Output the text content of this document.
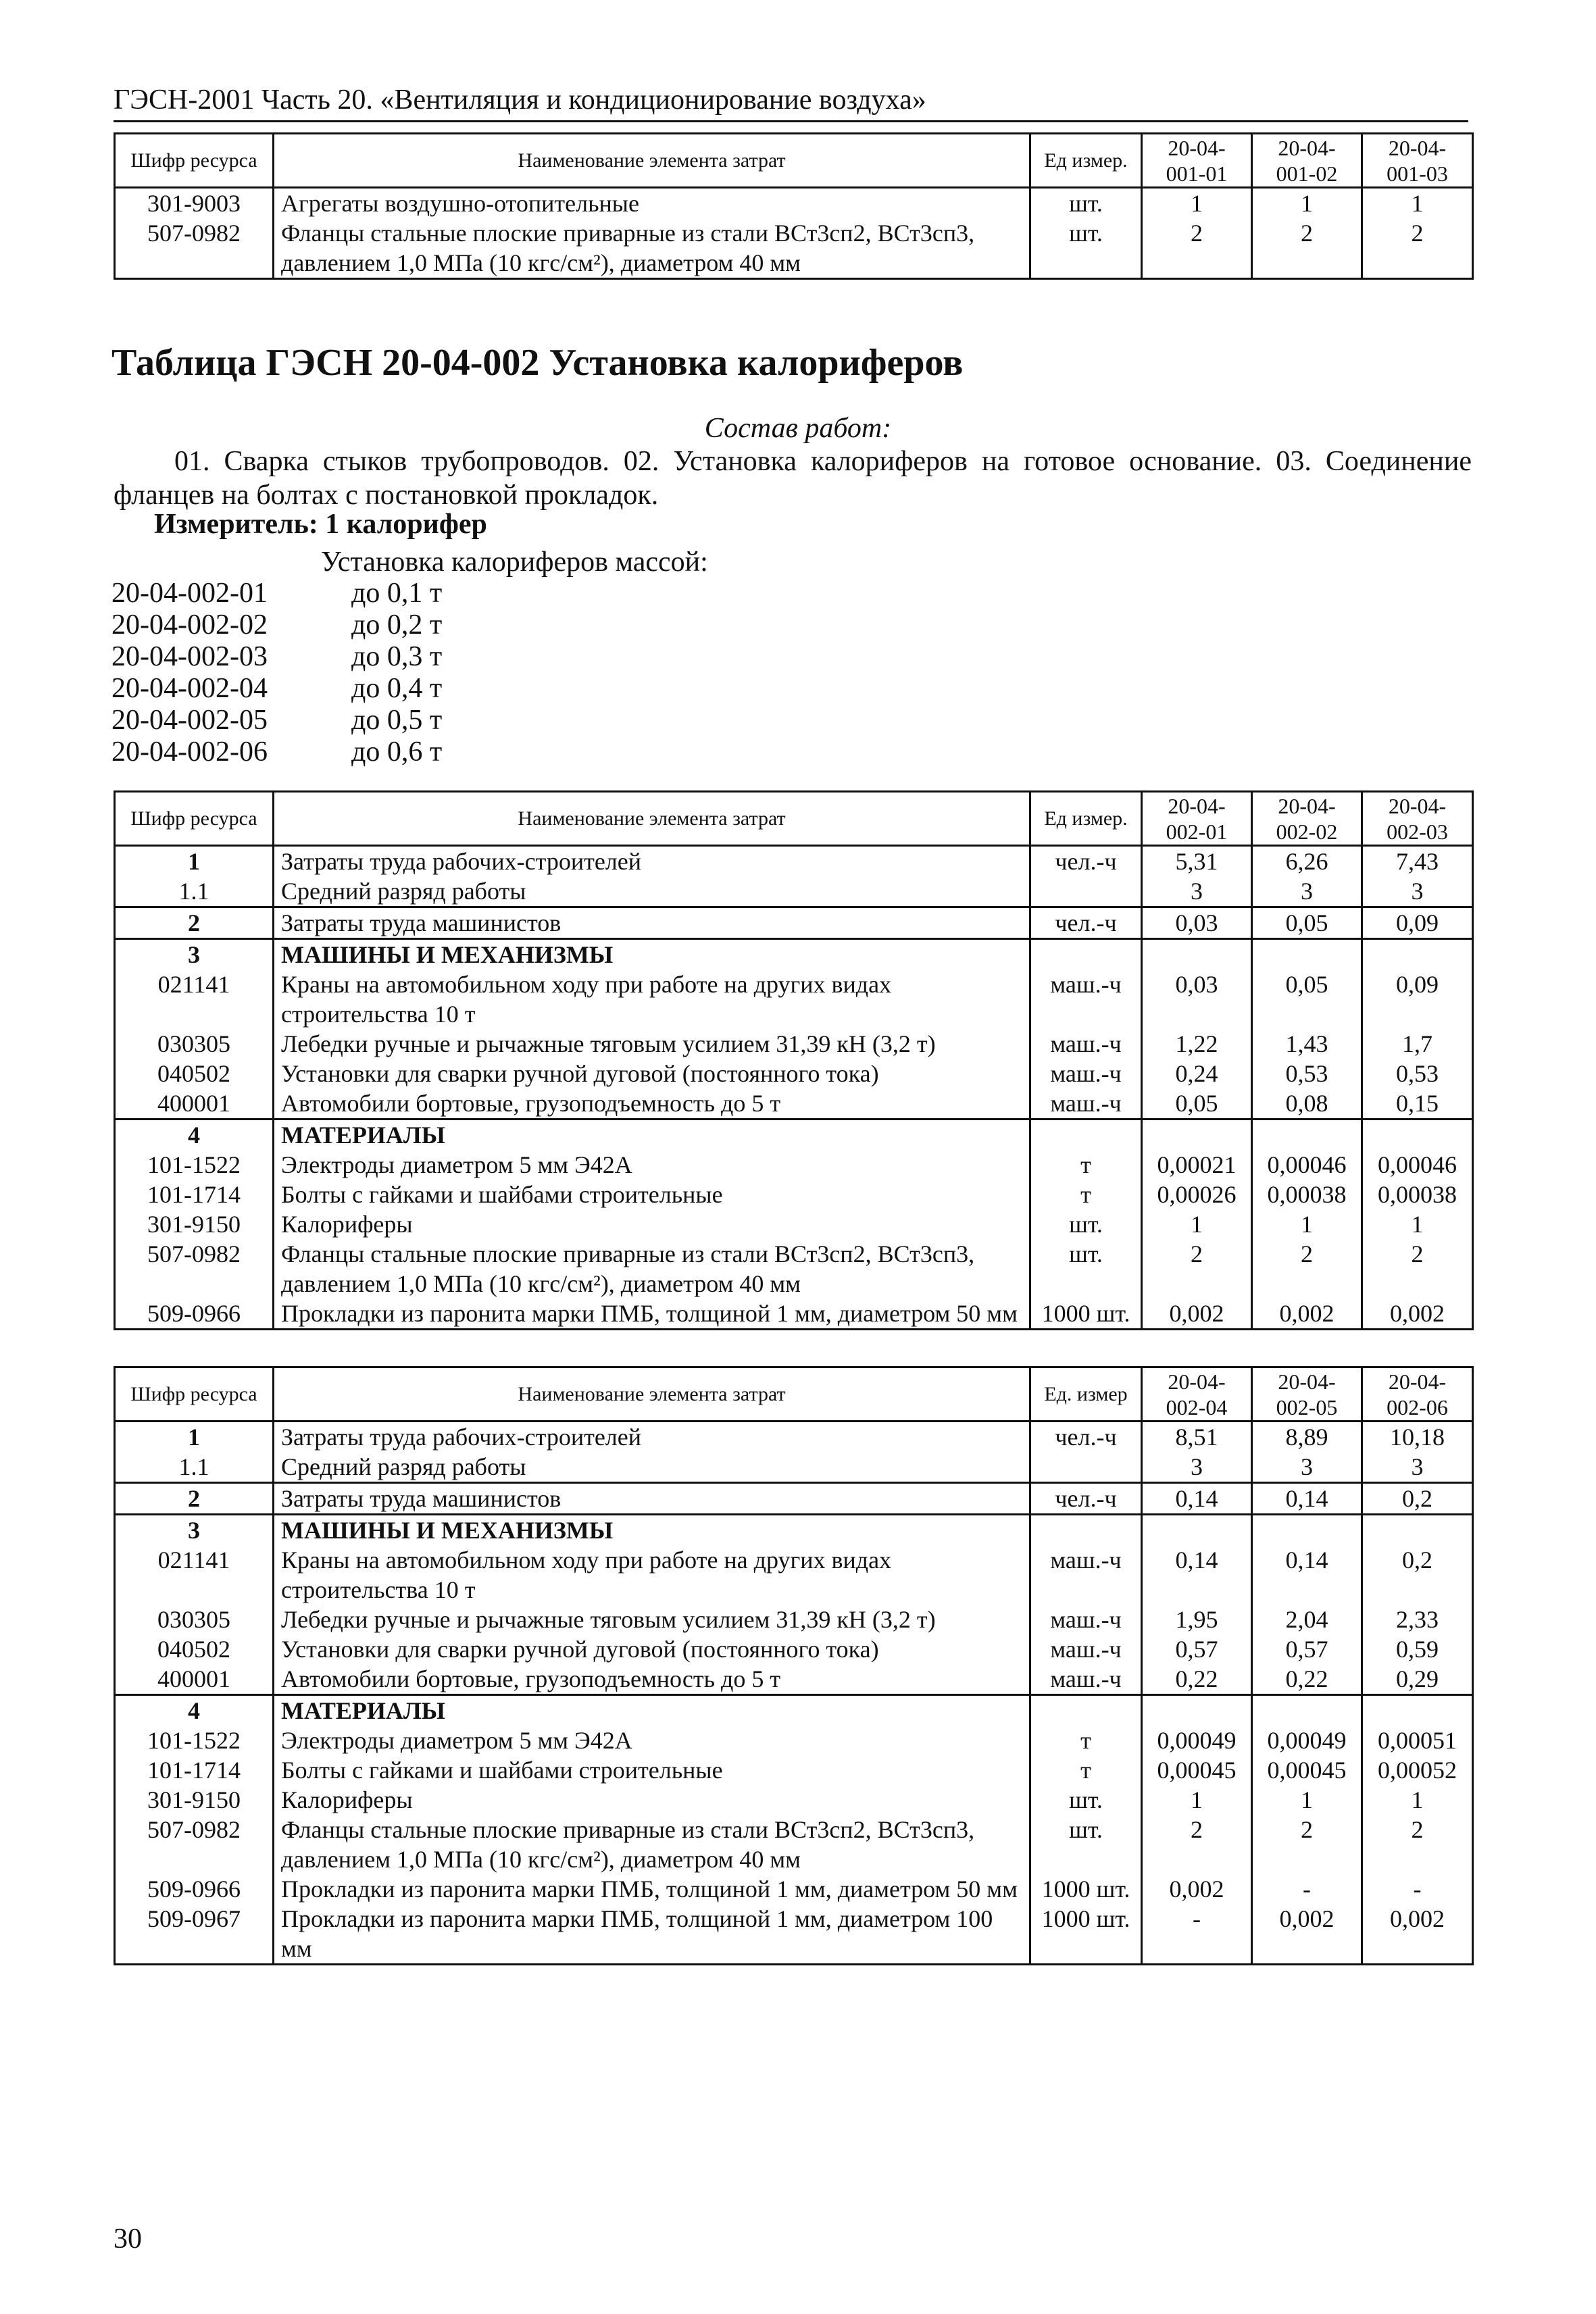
ГЭСН-2001 Часть 20. «Вентиляция и кондиционирование воздуха»
Шифр ресурса	Наименование элемента затрат	Ед измер.	20-04-001-01	20-04-001-02	20-04-001-03
301-9003	Агрегаты воздушно-отопительные	шт.	1	1	1
507-0982	Фланцы стальные плоские приварные из стали ВСт3сп2, ВСт3сп3, давлением 1,0 МПа (10 кгс/см²), диаметром 40 мм	шт.	2	2	2
Таблица ГЭСН 20-04-002 Установка калориферов
Состав работ:
01. Сварка стыков трубопроводов. 02. Установка калориферов на готовое основание. 03. Соединение фланцев на болтах с постановкой прокладок.
Измеритель: 1 калорифер
Установка калориферов массой:
20-04-002-01	до 0,1 т
20-04-002-02	до 0,2 т
20-04-002-03	до 0,3 т
20-04-002-04	до 0,4 т
20-04-002-05	до 0,5 т
20-04-002-06	до 0,6 т
Шифр ресурса	Наименование элемента затрат	Ед измер.	20-04-002-01	20-04-002-02	20-04-002-03
1	Затраты труда рабочих-строителей	чел.-ч	5,31	6,26	7,43
1.1	Средний разряд работы		3	3	3
2	Затраты труда машинистов	чел.-ч	0,03	0,05	0,09
3	МАШИНЫ И МЕХАНИЗМЫ				
021141	Краны на автомобильном ходу при работе на других видах строительства 10 т	маш.-ч	0,03	0,05	0,09
030305	Лебедки ручные и рычажные тяговым усилием 31,39 кН (3,2 т)	маш.-ч	1,22	1,43	1,7
040502	Установки для сварки ручной дуговой (постоянного тока)	маш.-ч	0,24	0,53	0,53
400001	Автомобили бортовые, грузоподъемность до 5 т	маш.-ч	0,05	0,08	0,15
4	МАТЕРИАЛЫ				
101-1522	Электроды диаметром 5 мм Э42А	т	0,00021	0,00046	0,00046
101-1714	Болты с гайками и шайбами строительные	т	0,00026	0,00038	0,00038
301-9150	Калориферы	шт.	1	1	1
507-0982	Фланцы стальные плоские приварные из стали ВСт3сп2, ВСт3сп3, давлением 1,0 МПа (10 кгс/см²), диаметром 40 мм	шт.	2	2	2
509-0966	Прокладки из паронита марки ПМБ, толщиной 1 мм, диаметром 50 мм	1000 шт.	0,002	0,002	0,002
Шифр ресурса	Наименование элемента затрат	Ед. измер	20-04-002-04	20-04-002-05	20-04-002-06
1	Затраты труда рабочих-строителей	чел.-ч	8,51	8,89	10,18
1.1	Средний разряд работы		3	3	3
2	Затраты труда машинистов	чел.-ч	0,14	0,14	0,2
3	МАШИНЫ И МЕХАНИЗМЫ				
021141	Краны на автомобильном ходу при работе на других видах строительства 10 т	маш.-ч	0,14	0,14	0,2
030305	Лебедки ручные и рычажные тяговым усилием 31,39 кН (3,2 т)	маш.-ч	1,95	2,04	2,33
040502	Установки для сварки ручной дуговой (постоянного тока)	маш.-ч	0,57	0,57	0,59
400001	Автомобили бортовые, грузоподъемность до 5 т	маш.-ч	0,22	0,22	0,29
4	МАТЕРИАЛЫ				
101-1522	Электроды диаметром 5 мм Э42А	т	0,00049	0,00049	0,00051
101-1714	Болты с гайками и шайбами строительные	т	0,00045	0,00045	0,00052
301-9150	Калориферы	шт.	1	1	1
507-0982	Фланцы стальные плоские приварные из стали ВСт3сп2, ВСт3сп3, давлением 1,0 МПа (10 кгс/см²), диаметром 40 мм	шт.	2	2	2
509-0966	Прокладки из паронита марки ПМБ, толщиной 1 мм, диаметром 50 мм	1000 шт.	0,002	-	-
509-0967	Прокладки из паронита марки ПМБ, толщиной 1 мм, диаметром 100 мм	1000 шт.	-	0,002	0,002
30
